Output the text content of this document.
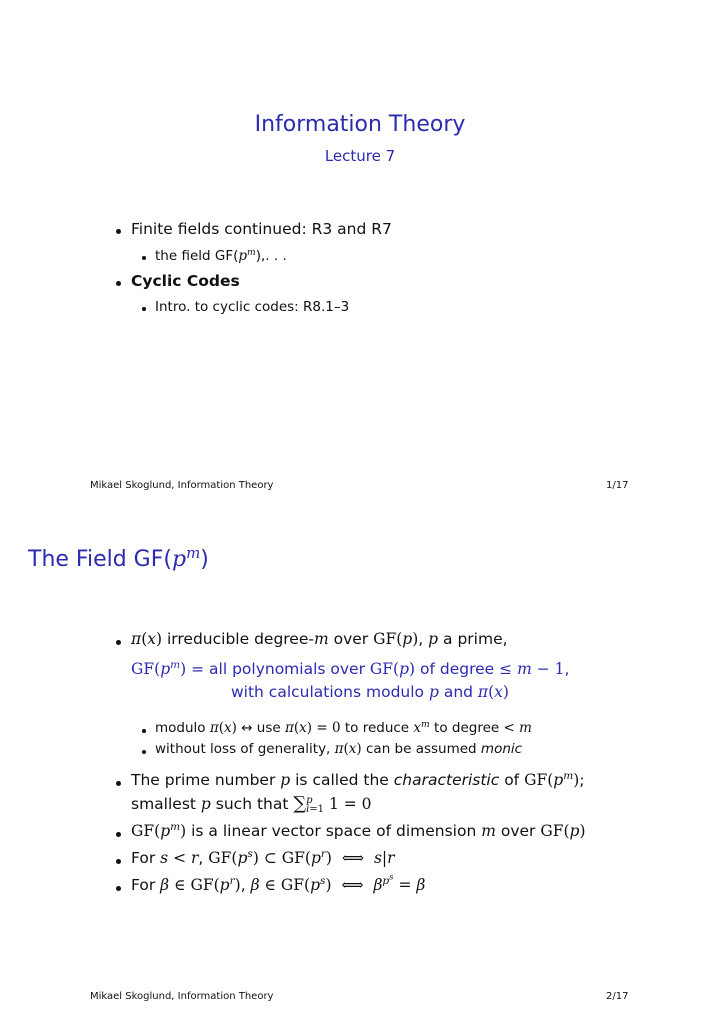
Information Theory
Lecture 7
Finite fields continued: R3 and R7
the field $GF(p^m)$,. . .
Cyclic Codes
Intro. to cyclic codes: R8.1–3
Mikael Skoglund, Information Theory	1/17
The Field $GF(p^m)$
π(x) irreducible degree-m over GF(p), p a prime,
$GF(p^m)$ = all polynomials over GF(p) of degree ≤ m − 1,
with calculations modulo p and π(x)
modulo π(x) ↔ use π(x) = 0 to reduce $x^m$ to degree < m
without loss of generality, π(x) can be assumed monic
The prime number p is called the characteristic of $GF(p^m)$;
smallest p such that ∑ p
i=1 1 = 0
$GF(p^m)$ is a linear vector space of dimension m over GF(p)
For s < r, $GF(p^s)$ ⊂ $GF(p^r)$ ⟺ s|r
For β ∈ $GF(p^r)$, β ∈ $GF(p^s)$ ⟺ $\beta^{p^s} = \beta$
Mikael Skoglund, Information Theory	2/17
